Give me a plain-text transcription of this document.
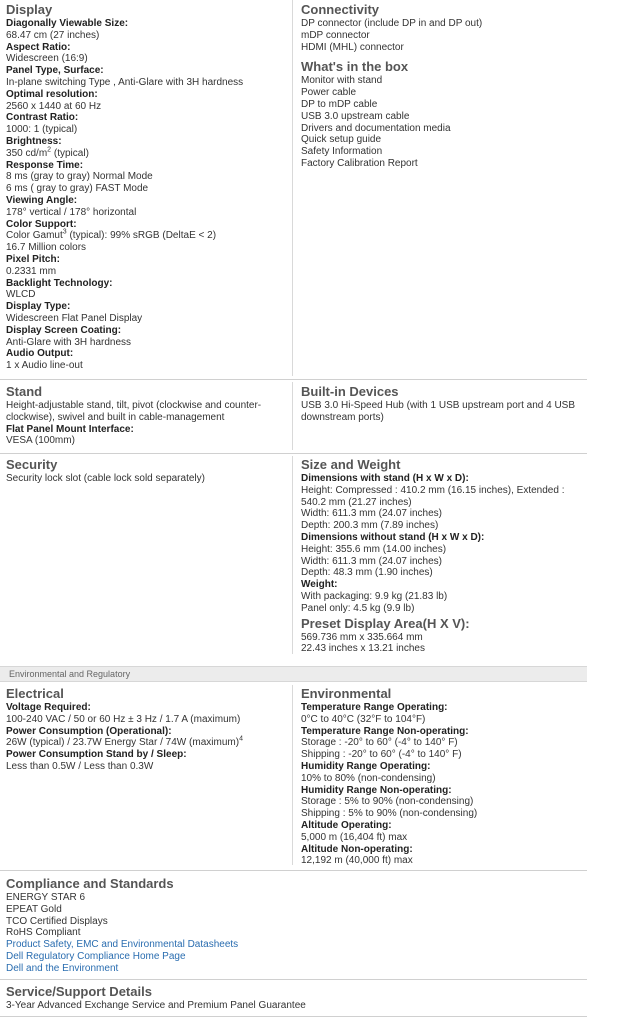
Display
Diagonally Viewable Size:
68.47 cm (27 inches)
Aspect Ratio:
Widescreen (16:9)
Panel Type, Surface:
In-plane switching Type , Anti-Glare with 3H hardness
Optimal resolution:
2560 x 1440 at 60 Hz
Contrast Ratio:
1000: 1 (typical)
Brightness:
350 $cd/m^2$ (typical)
Response Time:
8 ms (gray to gray) Normal Mode
6 ms ( gray to gray) FAST Mode
Viewing Angle:
178° vertical / 178° horizontal
Color Support:
Color Gamut$^3$ (typical): 99% sRGB (DeltaE < 2)
16.7 Million colors
Pixel Pitch:
0.2331 mm
Backlight Technology:
WLCD
Display Type:
Widescreen Flat Panel Display
Display Screen Coating:
Anti-Glare with 3H hardness
Audio Output:
1 x Audio line-out
Connectivity
DP connector (include DP in and DP out)
mDP connector
HDMI (MHL) connector
What's in the box
Monitor with stand
Power cable
DP to mDP cable
USB 3.0 upstream cable
Drivers and documentation media
Quick setup guide
Safety Information
Factory Calibration Report
Stand
Height-adjustable stand, tilt, pivot (clockwise and counter-
clockwise), swivel and built in cable-management
Flat Panel Mount Interface:
VESA (100mm)
Built-in Devices
USB 3.0 Hi-Speed Hub (with 1 USB upstream port and 4 USB
downstream ports)
Security
Security lock slot (cable lock sold separately)
Size and Weight
Dimensions with stand (H x W x D):
Height: Compressed : 410.2 mm (16.15 inches), Extended :
540.2 mm (21.27 inches)
Width: 611.3 mm (24.07 inches)
Depth: 200.3 mm (7.89 inches)
Dimensions without stand (H x W x D):
Height: 355.6 mm (14.00 inches)
Width: 611.3 mm (24.07 inches)
Depth: 48.3 mm (1.90 inches)
Weight:
With packaging: 9.9 kg (21.83 lb)
Panel only: 4.5 kg (9.9 lb)
Preset Display Area(H X V):
569.736 mm x 335.664 mm
22.43 inches x 13.21 inches
Environmental and Regulatory
Electrical
Voltage Required:
100-240 VAC / 50 or 60 Hz ± 3 Hz / 1.7 A (maximum)
Power Consumption (Operational):
26W (typical) / 23.7W Energy Star / 74W (maximum)$^4$
Power Consumption Stand by / Sleep:
Less than 0.5W / Less than 0.3W
Environmental
Temperature Range Operating:
0°C to 40°C (32°F to 104°F)
Temperature Range Non-operating:
Storage : -20° to 60° (-4° to 140° F)
Shipping : -20° to 60° (-4° to 140° F)
Humidity Range Operating:
10% to 80% (non-condensing)
Humidity Range Non-operating:
Storage : 5% to 90% (non-condensing)
Shipping : 5% to 90% (non-condensing)
Altitude Operating:
5,000 m (16,404 ft) max
Altitude Non-operating:
12,192 m (40,000 ft) max
Compliance and Standards
ENERGY STAR 6
EPEAT Gold
TCO Certified Displays
RoHS Compliant
Product Safety, EMC and Environmental Datasheets
Dell Regulatory Compliance Home Page
Dell and the Environment
Service/Support Details
3-Year Advanced Exchange Service and Premium Panel Guarantee
